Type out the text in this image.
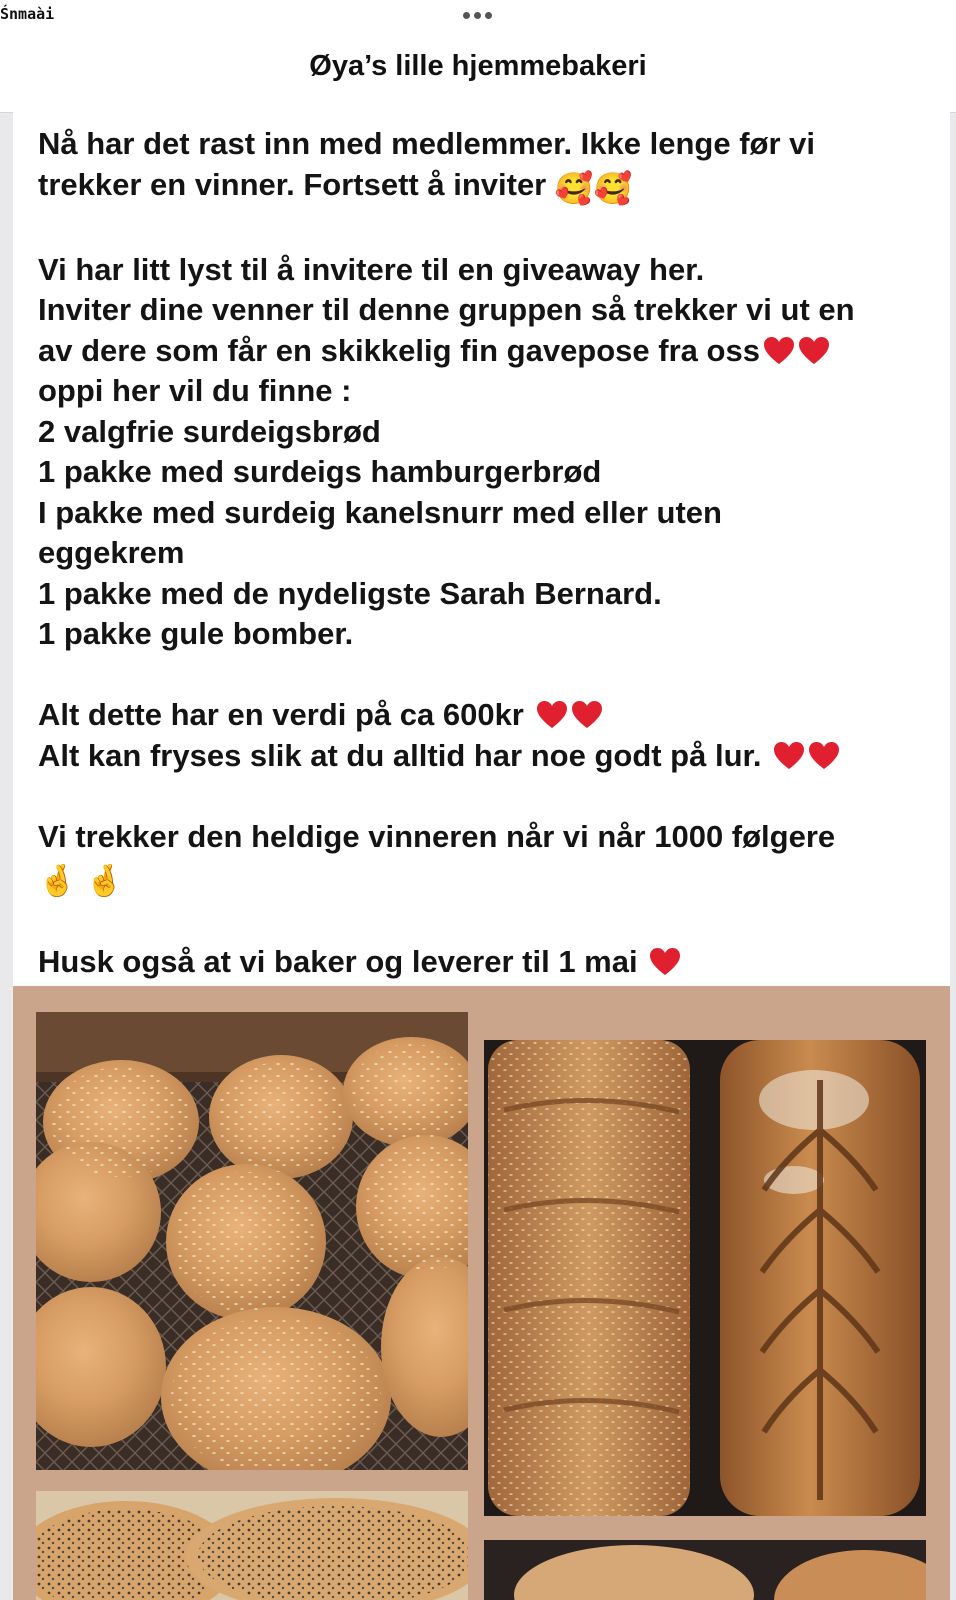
Śnmaài
Øya’s lille hjemmebakeri

Nå har det rast inn med medlemmer. Ikke lenge før vi

trekker en vinner. Fortsett å inviter 🥰🥰

Vi har litt lyst til å invitere til en giveaway her.

Inviter dine venner til denne gruppen så trekker vi ut en

av dere som får en skikkelig fin gavepose fra oss

oppi her vil du finne :

2 valgfrie surdeigsbrød

1 pakke med surdeigs hamburgerbrød

I pakke med surdeig kanelsnurr med eller uten

eggekrem

1 pakke med de nydeligste Sarah Bernard.

1 pakke gule bomber.

Alt dette har en verdi på ca 600kr

Alt kan fryses slik at du alltid har noe godt på lur.

Vi trekker den heldige vinneren når vi når 1000 følgere

🤞 🤞

Husk også at vi baker og leverer til 1 mai
